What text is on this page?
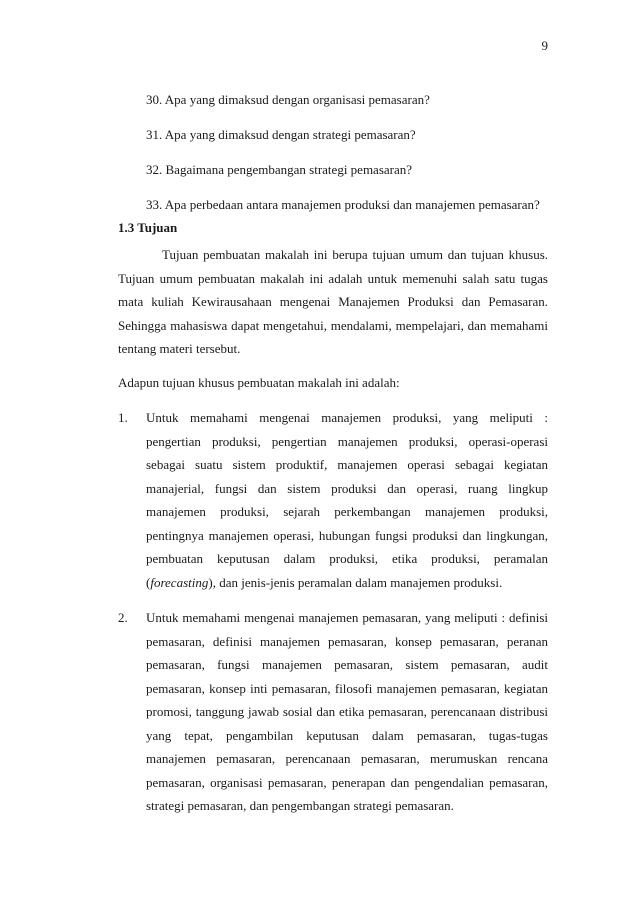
9
30. Apa yang dimaksud dengan organisasi pemasaran?
31. Apa yang dimaksud dengan strategi pemasaran?
32. Bagaimana pengembangan strategi pemasaran?
33. Apa perbedaan antara manajemen produksi dan manajemen pemasaran?
1.3 Tujuan

Tujuan pembuatan makalah ini berupa tujuan umum dan tujuan khusus. Tujuan umum pembuatan makalah ini adalah untuk memenuhi salah satu tugas mata kuliah Kewirausahaan mengenai Manajemen Produksi dan Pemasaran. Sehingga mahasiswa dapat mengetahui, mendalami, mempelajari, dan memahami tentang materi tersebut.

Adapun tujuan khusus pembuatan makalah ini adalah:

1. Untuk memahami mengenai manajemen produksi, yang meliputi : pengertian produksi, pengertian manajemen produksi, operasi-operasi sebagai suatu sistem produktif, manajemen operasi sebagai kegiatan manajerial, fungsi dan sistem produksi dan operasi, ruang lingkup manajemen produksi, sejarah perkembangan manajemen produksi, pentingnya manajemen operasi, hubungan fungsi produksi dan lingkungan, pembuatan keputusan dalam produksi, etika produksi, peramalan (forecasting), dan jenis-jenis peramalan dalam manajemen produksi.
2. Untuk memahami mengenai manajemen pemasaran, yang meliputi : definisi pemasaran, definisi manajemen pemasaran, konsep pemasaran, peranan pemasaran, fungsi manajemen pemasaran, sistem pemasaran, audit pemasaran, konsep inti pemasaran, filosofi manajemen pemasaran, kegiatan promosi, tanggung jawab sosial dan etika pemasaran, perencanaan distribusi yang tepat, pengambilan keputusan dalam pemasaran, tugas-tugas manajemen pemasaran, perencanaan pemasaran, merumuskan rencana pemasaran, organisasi pemasaran, penerapan dan pengendalian pemasaran, strategi pemasaran, dan pengembangan strategi pemasaran.
